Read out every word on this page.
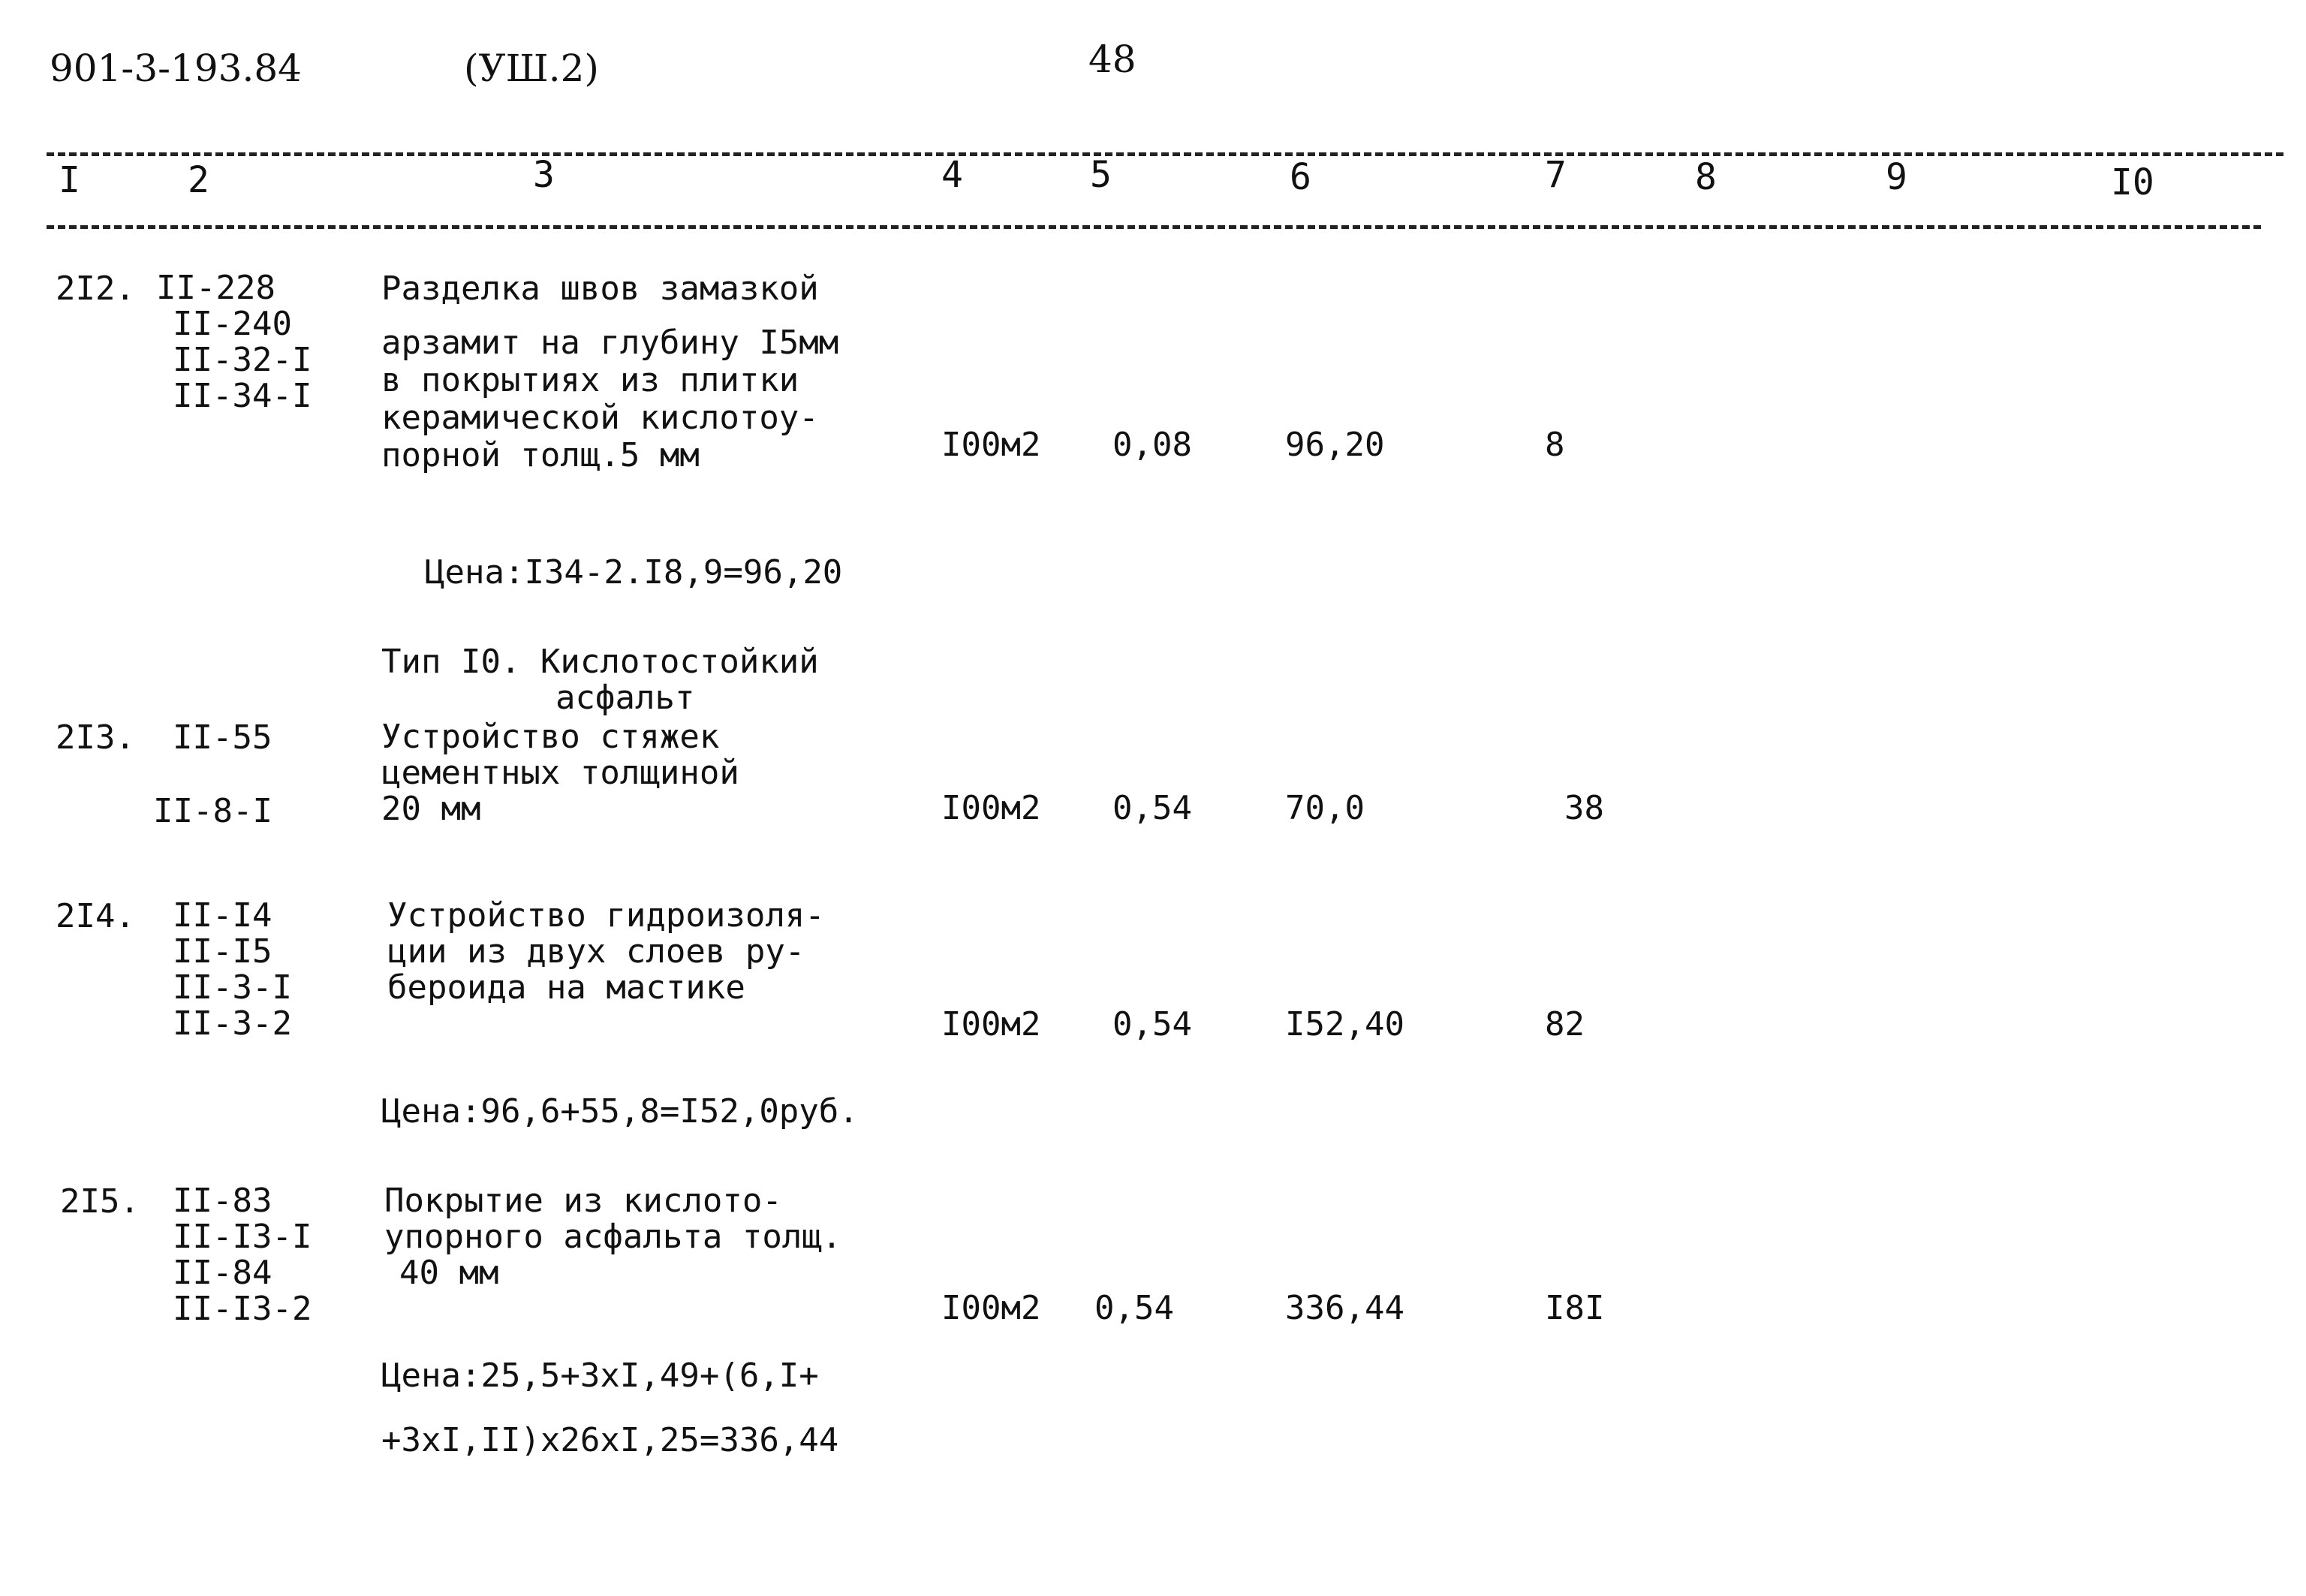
901-3-193.84	(УШ.2)	48
I	2	3	4	5	6	7	8	9	I0
2I2. II-228
II-240
II-32-I
II-34-I
Разделка швов замазкой
арзамит на глубину I5мм
в покрытиях из плитки
керамической кислотоу-
порной толщ.5 мм	I00м2 0,08	96,20	8
Цена:I34-2.I8,9=96,20
Тип I0. Кислотостойкий
асфальт
2I3. II-55
II-8-I
Устройство стяжек
цементных толщиной
20 мм	I00м2 0,54	70,0	38
2I4. II-I4
II-I5
II-3-I
II-3-2
Устройство гидроизоля-
ции из двух слоев ру-
бероида на мастике
I00м2 0,54	I52,40	82
Цена:96,6+55,8=I52,0руб.
2I5. II-83
II-I3-I
II-84
II-I3-2
Покрытие из кислото-
упорного асфальта толщ.
40 мм
I00м2 0,54	336,44	I8I
Цена:25,5+3хI,49+(6,I+
+3хI,II)х26хI,25=336,44
